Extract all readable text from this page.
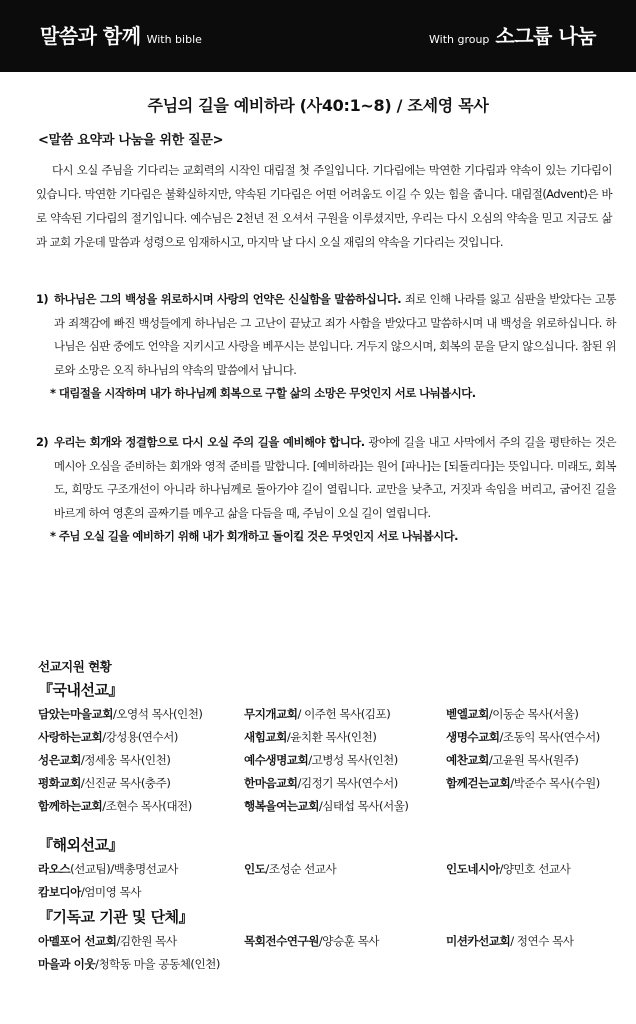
말씀과 함께 With bible	With group 소그룹 나눔
주님의 길을 예비하라 (사40:1~8) / 조세영 목사
<말씀 요약과 나눔을 위한 질문>

다시 오실 주님을 기다리는 교회력의 시작인 대림절 첫 주일입니다. 기다림에는 막연한 기다림과 약속이 있는 기다림이 있습니다. 막연한 기다림은 불확실하지만, 약속된 기다림은 어떤 어려움도 이길 수 있는 힘을 줍니다. 대림절(Advent)은 바로 약속된 기다림의 절기입니다. 예수님은 2천년 전 오셔서 구원을 이루셨지만, 우리는 다시 오심의 약속을 믿고 지금도 삶과 교회 가운데 말씀과 성령으로 임재하시고, 마지막 날 다시 오실 재림의 약속을 기다리는 것입니다.

1) 하나님은 그의 백성을 위로하시며 사랑의 언약은 신실함을 말씀하십니다. 죄로 인해 나라를 잃고 심판을 받았다는 고통과 죄책감에 빠진 백성들에게 하나님은 그 고난이 끝났고 죄가 사함을 받았다고 말씀하시며 내 백성을 위로하십니다. 하나님은 심판 중에도 언약을 지키시고 사랑을 베푸시는 분입니다. 거두지 않으시며, 회복의 문을 닫지 않으십니다. 참된 위로와 소망은 오직 하나님의 약속의 말씀에서 납니다.
* 대림절을 시작하며 내가 하나님께 회복으로 구할 삶의 소망은 무엇인지 서로 나눠봅시다.
2) 우리는 회개와 정결함으로 다시 오실 주의 길을 예비해야 합니다. 광야에 길을 내고 사막에서 주의 길을 평탄하는 것은 메시아 오심을 준비하는 회개와 영적 준비를 말합니다. [예비하라]는 원어 [파나]는 [되돌리다]는 뜻입니다. 미래도, 회복도, 희망도 구조개선이 아니라 하나님께로 돌아가야 길이 열립니다. 교만을 낮추고, 거짓과 속임을 버리고, 굽어진 길을 바르게 하여 영혼의 골짜기를 메우고 삶을 다듬을 때, 주님이 오실 길이 열립니다.
* 주님 오실 길을 예비하기 위해 내가 회개하고 돌이킬 것은 무엇인지 서로 나눠봅시다.
선교지원 현황
『국내선교』
담았는마을교회/오영석 목사(인천)	무지개교회/ 이주헌 목사(김포)	벧엘교회/이동순 목사(서울)
사랑하는교회/강성용(연수서)	새힘교회/윤치환 목사(인천)	생명수교회/조동익 목사(연수서)
성은교회/정세웅 목사(인천)	예수생명교회/고병성 목사(인천)	예찬교회/고윤원 목사(원주)
평화교회/신진균 목사(충주)	한마음교회/김정기 목사(연수서)	함께걷는교회/박준수 목사(수원)
함께하는교회/조현수 목사(대전)	행복을여는교회/심태섭 목사(서울)
『해외선교』
라오스(선교팀)/백총명선교사	인도/조성순 선교사	인도네시아/양민호 선교사
캄보디아/엄미영 목사
『기독교 기관 및 단체』
아멜포어 선교회/김한원 목사	목회전수연구원/양승훈 목사	미션카선교회/ 정연수 목사
마을과 이웃/청학동 마을 공동체(인천)
